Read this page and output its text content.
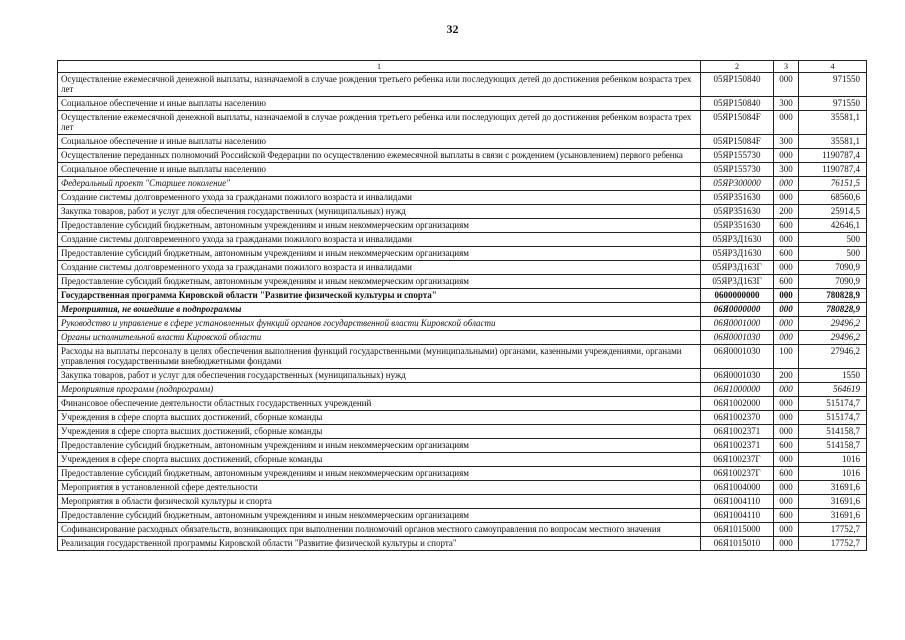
32
1	2	3	4
Осуществление ежемесячной денежной выплаты, назначаемой в случае рождения третьего ребенка или последующих детей до достижения ребенком возраста трех лет	05ЯР150840	000	971550
Социальное обеспечение и иные выплаты населению	05ЯР150840	300	971550
Осуществление ежемесячной денежной выплаты, назначаемой в случае рождения третьего ребенка или последующих детей до достижения ребенком возраста трех лет	05ЯР15084F	000	35581,1
Социальное обеспечение и иные выплаты населению	05ЯР15084F	300	35581,1
Осуществление переданных полномочий Российской Федерации по осуществлению ежемесячной выплаты в связи с рождением (усыновлением) первого ребенка	05ЯР155730	000	1190787,4
Социальное обеспечение и иные выплаты населению	05ЯР155730	300	1190787,4
Федеральный проект "Старшее поколение"	05ЯР300000	000	76151,5
Создание системы долговременного ухода за гражданами пожилого возраста и инвалидами	05ЯР351630	000	68560,6
Закупка товаров, работ и услуг для обеспечения государственных (муниципальных) нужд	05ЯР351630	200	25914,5
Предоставление субсидий бюджетным, автономным учреждениям и иным некоммерческим организациям	05ЯР351630	600	42646,1
Создание системы долговременного ухода за гражданами пожилого возраста и инвалидами	05ЯР3Д1630	000	500
Предоставление субсидий бюджетным, автономным учреждениям и иным некоммерческим организациям	05ЯР3Д1630	600	500
Создание системы долговременного ухода за гражданами пожилого возраста и инвалидами	05ЯР3Д163Г	000	7090,9
Предоставление субсидий бюджетным, автономным учреждениям и иным некоммерческим организациям	05ЯР3Д163Г	600	7090,9
Государственная программа Кировской области "Развитие физической культуры и спорта"	0600000000	000	780828,9
Мероприятия, не вошедшие в подпрограммы	06Я0000000	000	780828,9
Руководство и управление в сфере установленных функций органов государственной власти Кировской области	06Я0001000	000	29496,2
Органы исполнительной власти Кировской области	06Я0001030	000	29496,2
Расходы на выплаты персоналу в целях обеспечения выполнения функций государственными (муниципальными) органами, казенными учреждениями, органами управления государственными внебюджетными фондами	06Я0001030	100	27946,2
Закупка товаров, работ и услуг для обеспечения государственных (муниципальных) нужд	06Я0001030	200	1550
Мероприятия программ (подпрограмм)	06Я1000000	000	564619
Финансовое обеспечение деятельности областных государственных учреждений	06Я1002000	000	515174,7
Учреждения в сфере спорта высших достижений, сборные команды	06Я1002370	000	515174,7
Учреждения в сфере спорта высших достижений, сборные команды	06Я1002371	000	514158,7
Предоставление субсидий бюджетным, автономным учреждениям и иным некоммерческим организациям	06Я1002371	600	514158,7
Учреждения в сфере спорта высших достижений, сборные команды	06Я100237Г	000	1016
Предоставление субсидий бюджетным, автономным учреждениям и иным некоммерческим организациям	06Я100237Г	600	1016
Мероприятия в установленной сфере деятельности	06Я1004000	000	31691,6
Мероприятия в области физической культуры и спорта	06Я1004110	000	31691,6
Предоставление субсидий бюджетным, автономным учреждениям и иным некоммерческим организациям	06Я1004110	600	31691,6
Софинансирование расходных обязательств, возникающих при выполнении полномочий органов местного самоуправления по вопросам местного значения	06Я1015000	000	17752,7
Реализация государственной программы Кировской области "Развитие физической культуры и спорта"	06Я1015010	000	17752,7
